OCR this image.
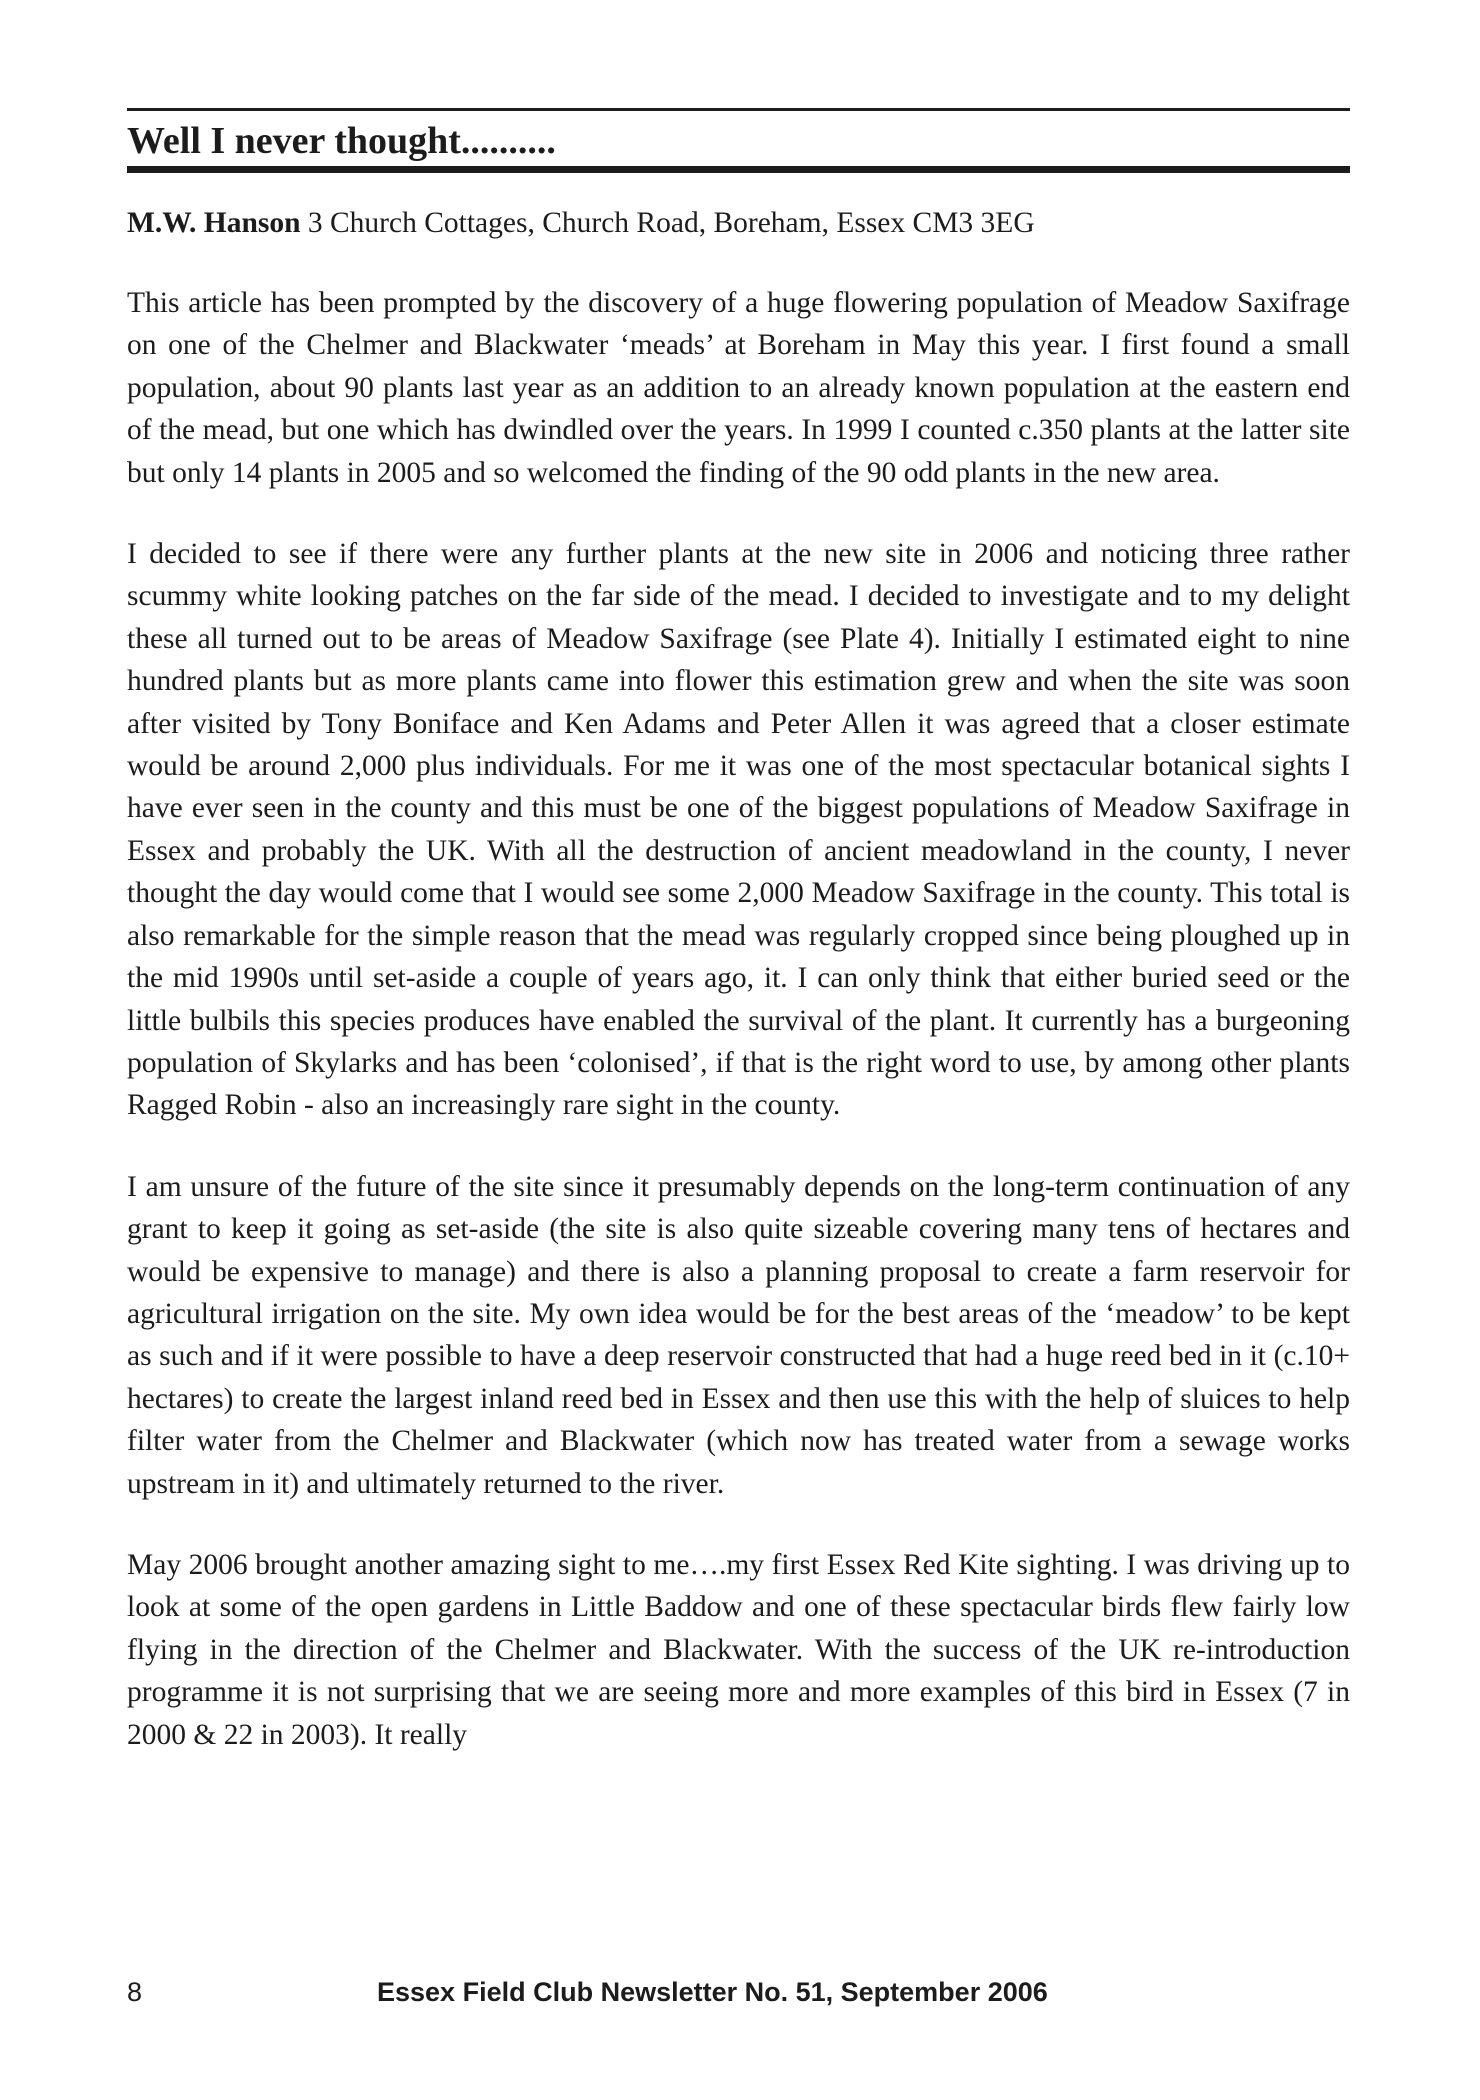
Well I never thought..........

M.W. Hanson 3 Church Cottages, Church Road, Boreham, Essex CM3 3EG

This article has been prompted by the discovery of a huge flowering population of Meadow Saxifrage on one of the Chelmer and Blackwater ‘meads’ at Boreham in May this year. I first found a small population, about 90 plants last year as an addition to an already known population at the eastern end of the mead, but one which has dwindled over the years. In 1999 I counted c.350 plants at the latter site but only 14 plants in 2005 and so welcomed the finding of the 90 odd plants in the new area.

I decided to see if there were any further plants at the new site in 2006 and noticing three rather scummy white looking patches on the far side of the mead. I decided to investigate and to my delight these all turned out to be areas of Meadow Saxifrage (see Plate 4). Initially I estimated eight to nine hundred plants but as more plants came into flower this estimation grew and when the site was soon after visited by Tony Boniface and Ken Adams and Peter Allen it was agreed that a closer estimate would be around 2,000 plus individuals. For me it was one of the most spectacular botanical sights I have ever seen in the county and this must be one of the biggest populations of Meadow Saxifrage in Essex and probably the UK. With all the destruction of ancient meadowland in the county, I never thought the day would come that I would see some 2,000 Meadow Saxifrage in the county. This total is also remarkable for the simple reason that the mead was regularly cropped since being ploughed up in the mid 1990s until set-aside a couple of years ago, it. I can only think that either buried seed or the little bulbils this species produces have enabled the survival of the plant. It currently has a burgeoning population of Skylarks and has been ‘colonised’, if that is the right word to use, by among other plants Ragged Robin - also an increasingly rare sight in the county.

I am unsure of the future of the site since it presumably depends on the long-term continuation of any grant to keep it going as set-aside (the site is also quite sizeable covering many tens of hectares and would be expensive to manage) and there is also a planning proposal to create a farm reservoir for agricultural irrigation on the site. My own idea would be for the best areas of the ‘meadow’ to be kept as such and if it were possible to have a deep reservoir constructed that had a huge reed bed in it (c.10+ hectares) to create the largest inland reed bed in Essex and then use this with the help of sluices to help filter water from the Chelmer and Blackwater (which now has treated water from a sewage works upstream in it) and ultimately returned to the river.

May 2006 brought another amazing sight to me….my first Essex Red Kite sighting. I was driving up to look at some of the open gardens in Little Baddow and one of these spectacular birds flew fairly low flying in the direction of the Chelmer and Blackwater. With the success of the UK re-introduction programme it is not surprising that we are seeing more and more examples of this bird in Essex (7 in 2000 & 22 in 2003). It really

8	Essex Field Club Newsletter No. 51, September 2006
